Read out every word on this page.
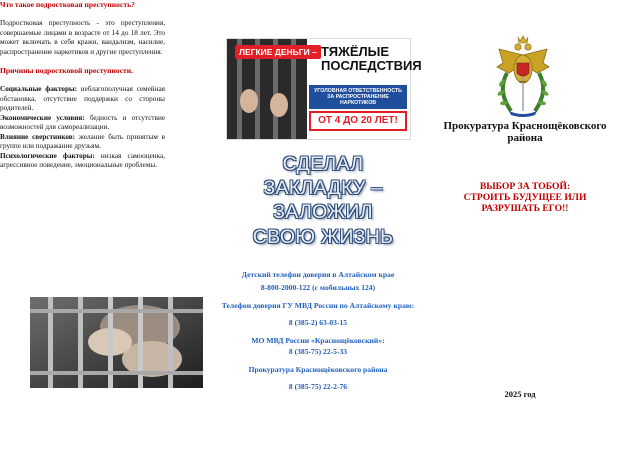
Что такое подростковая преступность?

Подростковая преступность - это преступления, совершаемые лицами в возрасте от 14 до 18 лет. Это может включать в себя кражи, вандализм, насилие, распространение наркотиков и другие преступления.

Причины подростковой преступности.

Социальные факторы: неблагополучная семейная обстановка, отсутствие поддержки со стороны родителей.

Экономические условия: бедность и отсутствие возможностей для самореализации.

Влияние сверстников: желание быть принятым в группе или подражание друзьям.

Психологические факторы: низкая самооценка, агрессивное поведение, эмоциональные проблемы.

ЛЕГКИЕ ДЕНЬГИ – ТЯЖЁЛЫЕ
ПОСЛЕДСТВИЯ
УГОЛОВНАЯ ОТВЕТСТВЕННОСТЬ ЗА РАСПРОСТРАНЕНИЕ НАРКОТИКОВ
ОТ 4 ДО 20 ЛЕТ!
СДЕЛАЛ
ЗАКЛАДКУ –
ЗАЛОЖИЛ
СВОЮ ЖИЗНЬ

Детский телефон доверия в Алтайском крае

8-800-2000-122 (с мобильных 124)

Телефон доверия ГУ МВД России по Алтайскому краю:

8 (385-2) 63-03-15

МО МВД России «Краснощёковский»:

8 (385-75) 22-5-33

Прокуратура Краснощёковского района

8 (385-75) 22-2-76

Прокуратура Краснощёковского
района
ВЫБОР ЗА ТОБОЙ:
СТРОИТЬ БУДУЩЕЕ ИЛИ
РАЗРУШАТЬ ЕГО!!
2025 год
